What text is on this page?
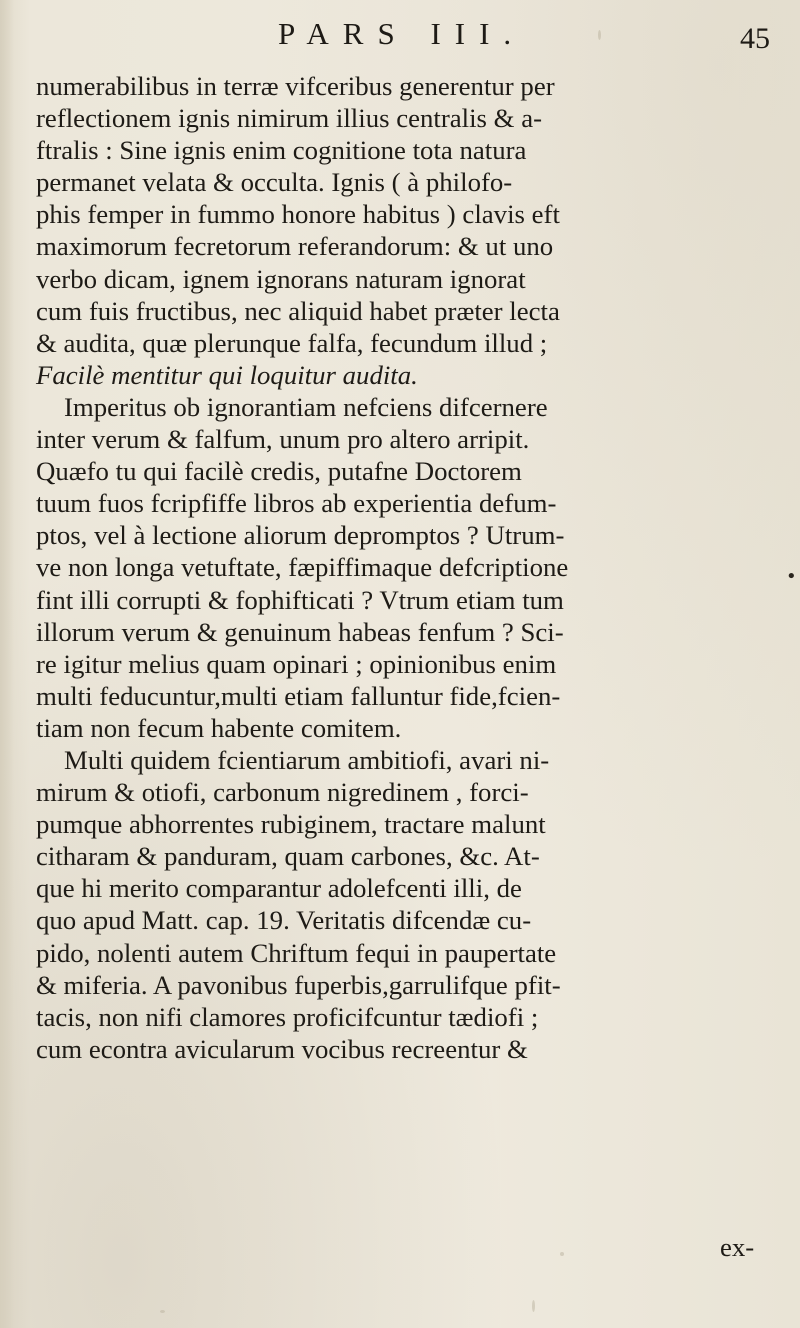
PARS III.	45
numerabilibus in terræ vifceribus generentur per
reflectionem ignis nimirum illius centralis & a-
ftralis : Sine ignis enim cognitione tota natura
permanet velata & occulta. Ignis ( à philofo-
phis femper in fummo honore habitus ) clavis eft
maximorum fecretorum referandorum: & ut uno
verbo dicam, ignem ignorans naturam ignorat
cum fuis fructibus, nec aliquid habet præter lecta
& audita, quæ plerunque falfa, fecundum illud ;
Facilè mentitur qui loquitur audita.
Imperitus ob ignorantiam nefciens difcernere
inter verum & falfum, unum pro altero arripit.
Quæfo tu qui facilè credis, putafne Doctorem
tuum fuos fcripfiffe libros ab experientia defum-
ptos, vel à lectione aliorum depromptos ? Utrum-
ve non longa vetuftate, fæpiffimaque defcriptione
fint illi corrupti & fophifticati ? Vtrum etiam tum
illorum verum & genuinum habeas fenfum ? Sci-
re igitur melius quam opinari ; opinionibus enim
multi feducuntur,multi etiam falluntur fide,fcien-
tiam non fecum habente comitem.
Multi quidem fcientiarum ambitiofi, avari ni-
mirum & otiofi, carbonum nigredinem , forci-
pumque abhorrentes rubiginem, tractare malunt
citharam & panduram, quam carbones, &c. At-
que hi merito comparantur adolefcenti illi, de
quo apud Matt. cap. 19. Veritatis difcendæ cu-
pido, nolenti autem Chriftum fequi in paupertate
& miferia. A pavonibus fuperbis,garrulifque pfit-
tacis, non nifi clamores proficifcuntur tædiofi ;
cum econtra avicularum vocibus recreentur &
•
ex-
